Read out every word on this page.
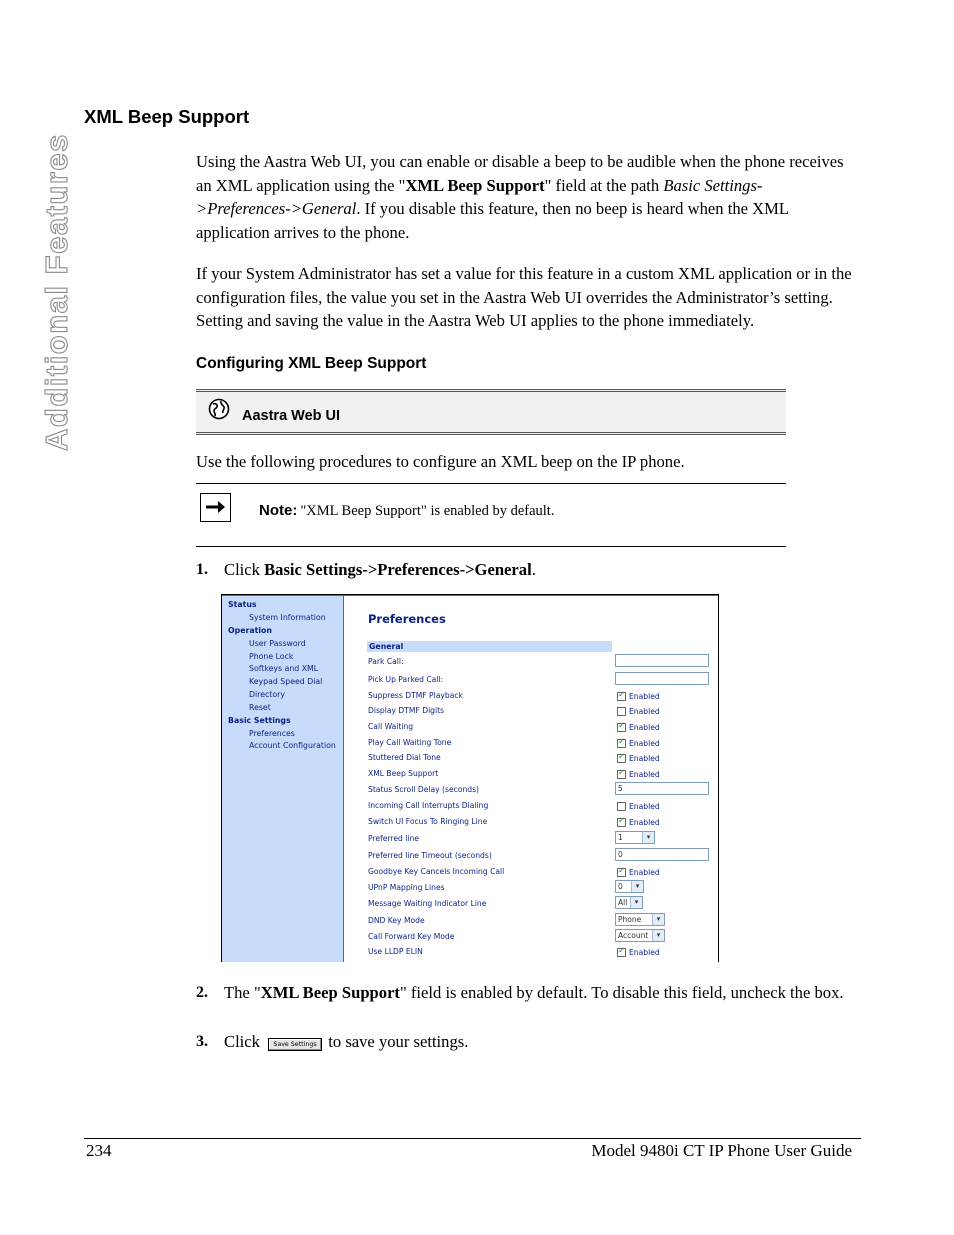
Additional Features
XML Beep Support
Using the Aastra Web UI, you can enable or disable a beep to be audible when the phone receives an XML application using the "XML Beep Support" field at the path Basic Settings->Preferences->General. If you disable this feature, then no beep is heard when the XML application arrives to the phone.
If your System Administrator has set a value for this feature in a custom XML application or in the configuration files, the value you set in the Aastra Web UI overrides the Administrator’s setting. Setting and saving the value in the Aastra Web UI applies to the phone immediately.
Configuring XML Beep Support
Aastra Web UI
Use the following procedures to configure an XML beep on the IP phone.
Note: "XML Beep Support" is enabled by default.
1. Click Basic Settings->Preferences->General.
Status
System Information
Operation
User Password
Phone Lock
Softkeys and XML
Keypad Speed Dial
Directory
Reset
Basic Settings
Preferences
Account Configuration
Preferences
General
Park Call:
Pick Up Parked Call:
Suppress DTMF Playback ✓	Enabled
Display DTMF Digits	Enabled
Call Waiting ✓	Enabled
Play Call Waiting Tone ✓	Enabled
Stuttered Dial Tone ✓	Enabled
XML Beep Support ✓	Enabled
Status Scroll Delay (seconds)	5
Incoming Call Interrupts Dialing	Enabled
Switch UI Focus To Ringing Line ✓	Enabled
Preferred line	1	▾
Preferred line Timeout (seconds)	0
Goodbye Key Cancels Incoming Call ✓	Enabled
UPnP Mapping Lines	0	▾
Message Waiting Indicator Line	All	▾
DND Key Mode	Phone	▾
Call Forward Key Mode	Account	▾
Use LLDP ELIN ✓	Enabled
2. The "XML Beep Support" field is enabled by default. To disable this field, uncheck the box.
3. Click	to save your settings.
Save Settings
234	Model 9480i CT IP Phone User Guide
